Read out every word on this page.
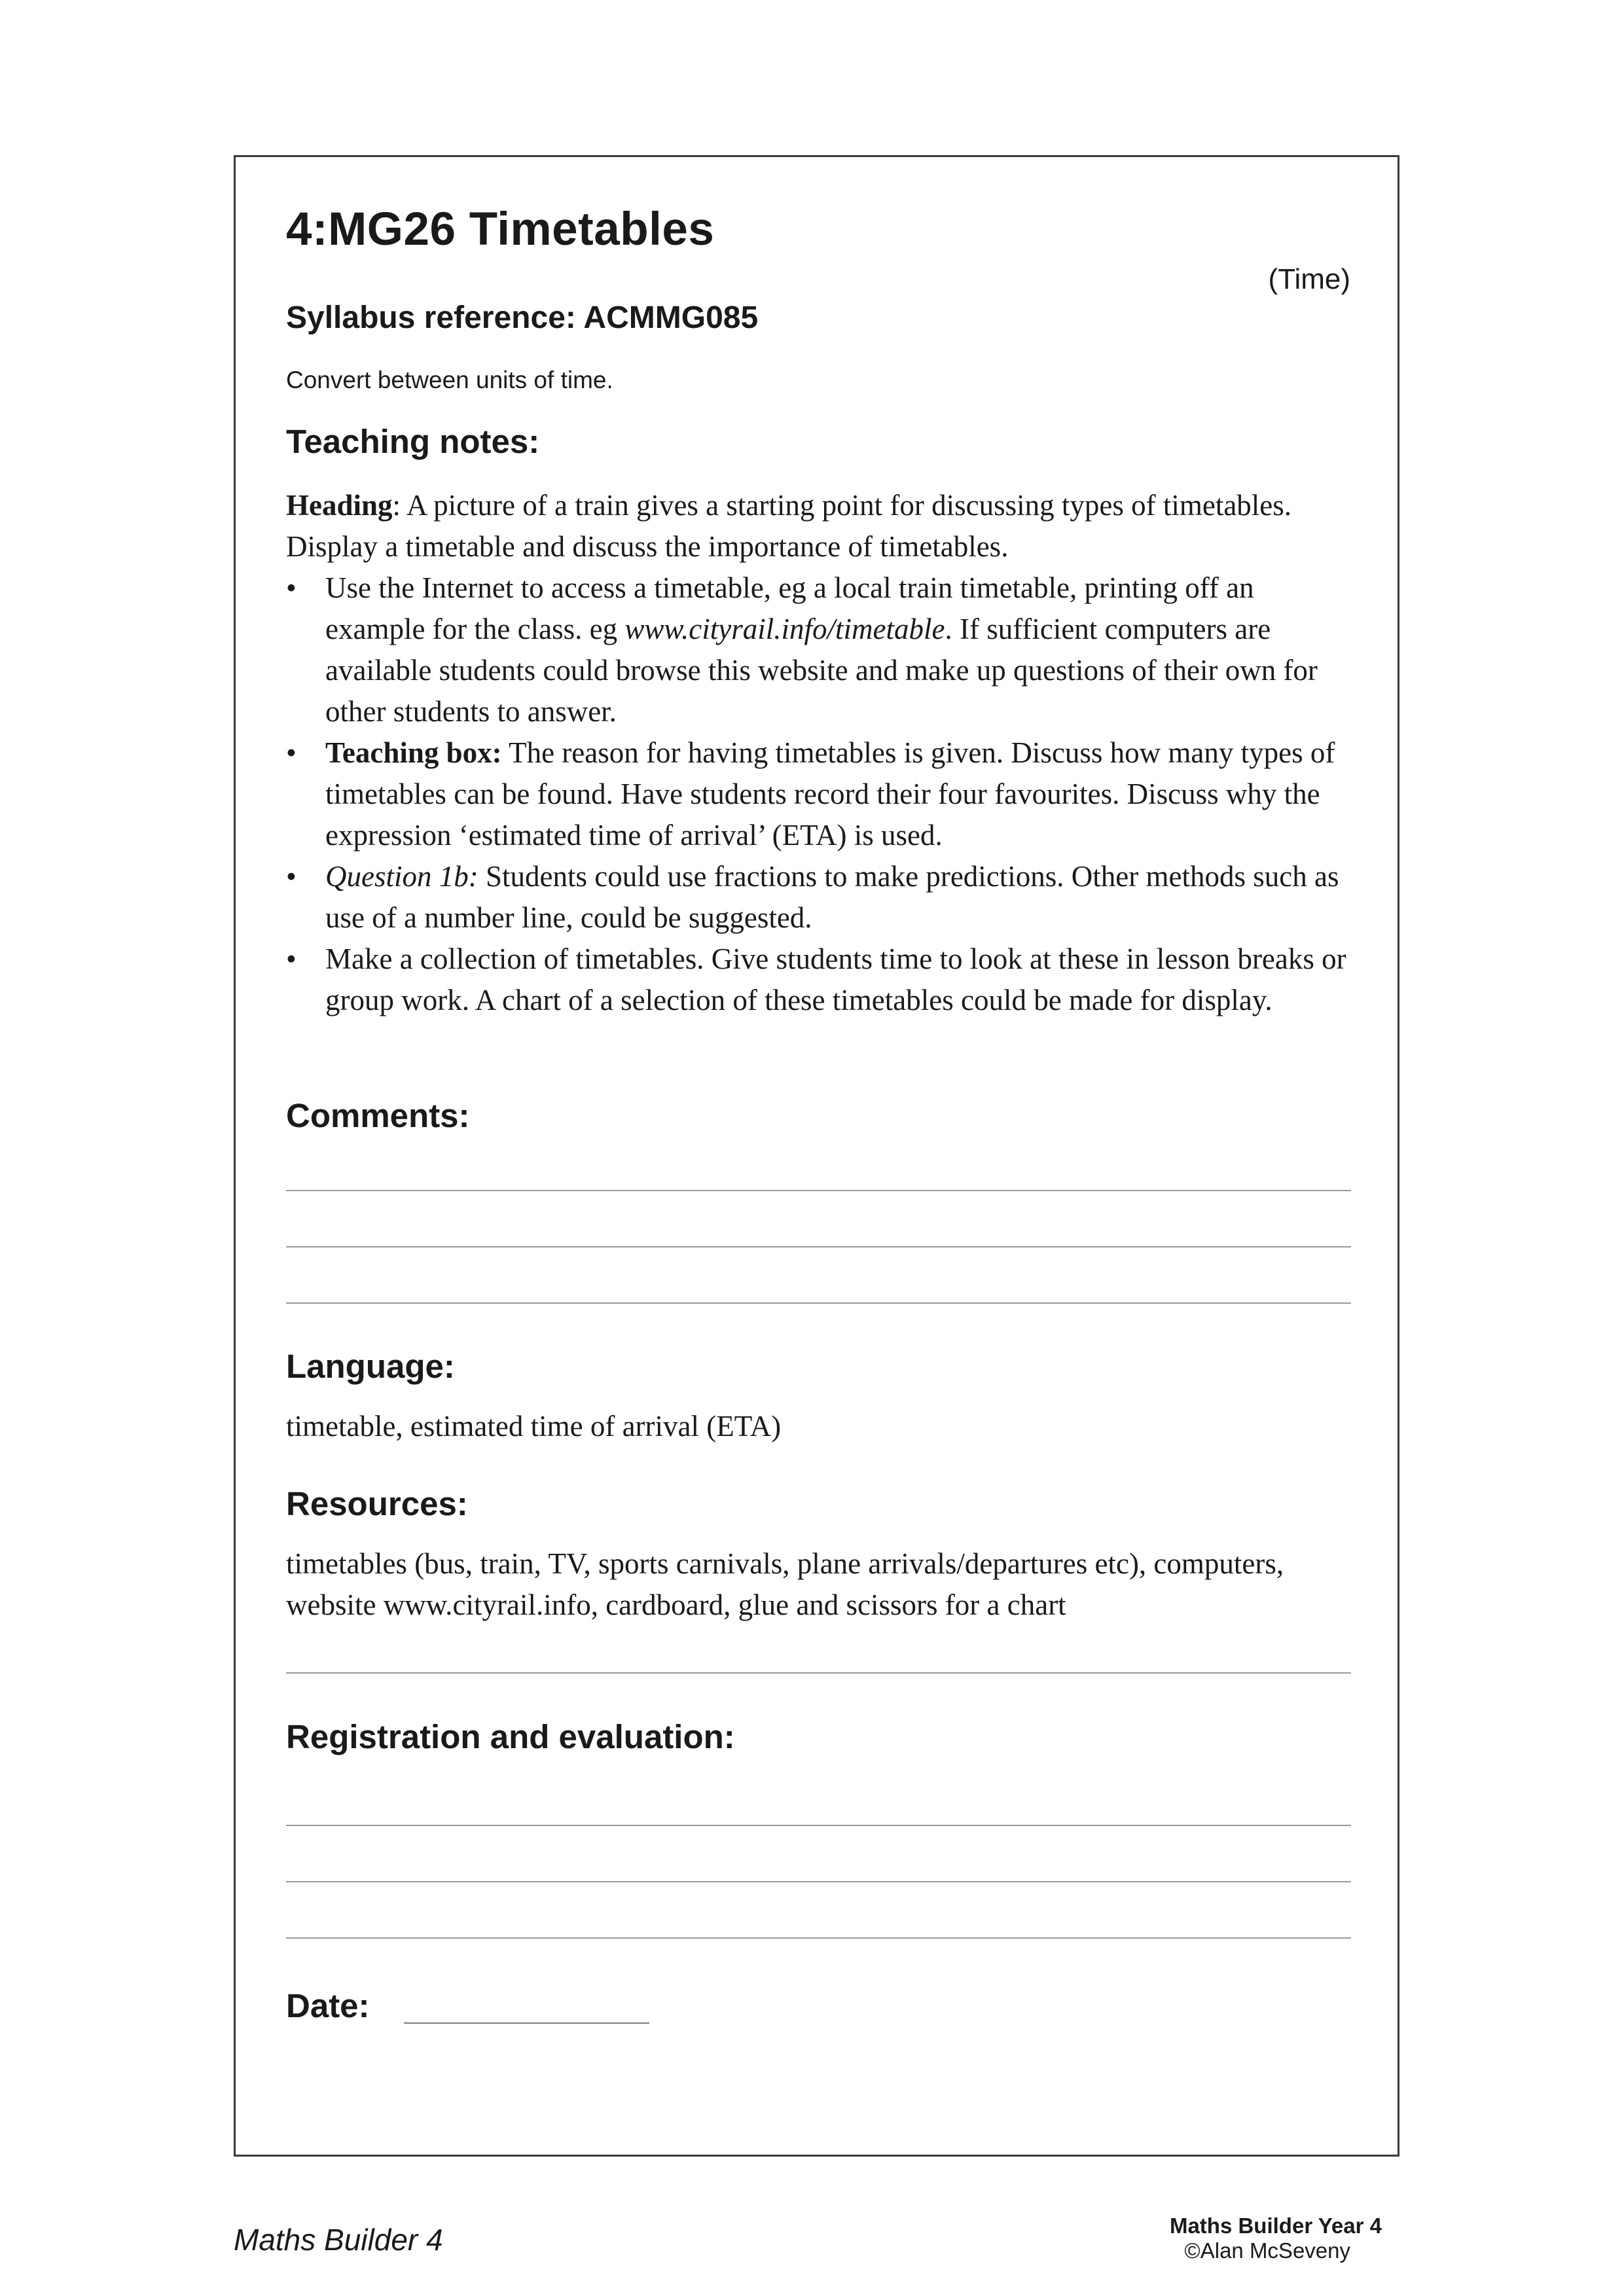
4:MG26 Timetables
(Time)
Syllabus reference: ACMMG085
Convert between units of time.
Teaching notes:

Heading: A picture of a train gives a starting point for discussing types of timetables. Display a timetable and discuss the importance of timetables.

• Use the Internet to access a timetable, eg a local train timetable, printing off an example for the class. eg www.cityrail.info/timetable. If sufficient computers are available students could browse this website and make up questions of their own for other students to answer.
• Teaching box: The reason for having timetables is given. Discuss how many types of timetables can be found. Have students record their four favourites. Discuss why the expression ‘estimated time of arrival’ (ETA) is used.
• Question 1b: Students could use fractions to make predictions. Other methods such as use of a number line, could be suggested.
• Make a collection of timetables. Give students time to look at these in lesson breaks or group work. A chart of a selection of these timetables could be made for display.
Comments:
Language:
timetable, estimated time of arrival (ETA)
Resources:
timetables (bus, train, TV, sports carnivals, plane arrivals/departures etc), computers, website www.cityrail.info, cardboard, glue and scissors for a chart
Registration and evaluation:
Date:
Maths Builder 4	Maths Builder Year 4
©Alan McSeveny
